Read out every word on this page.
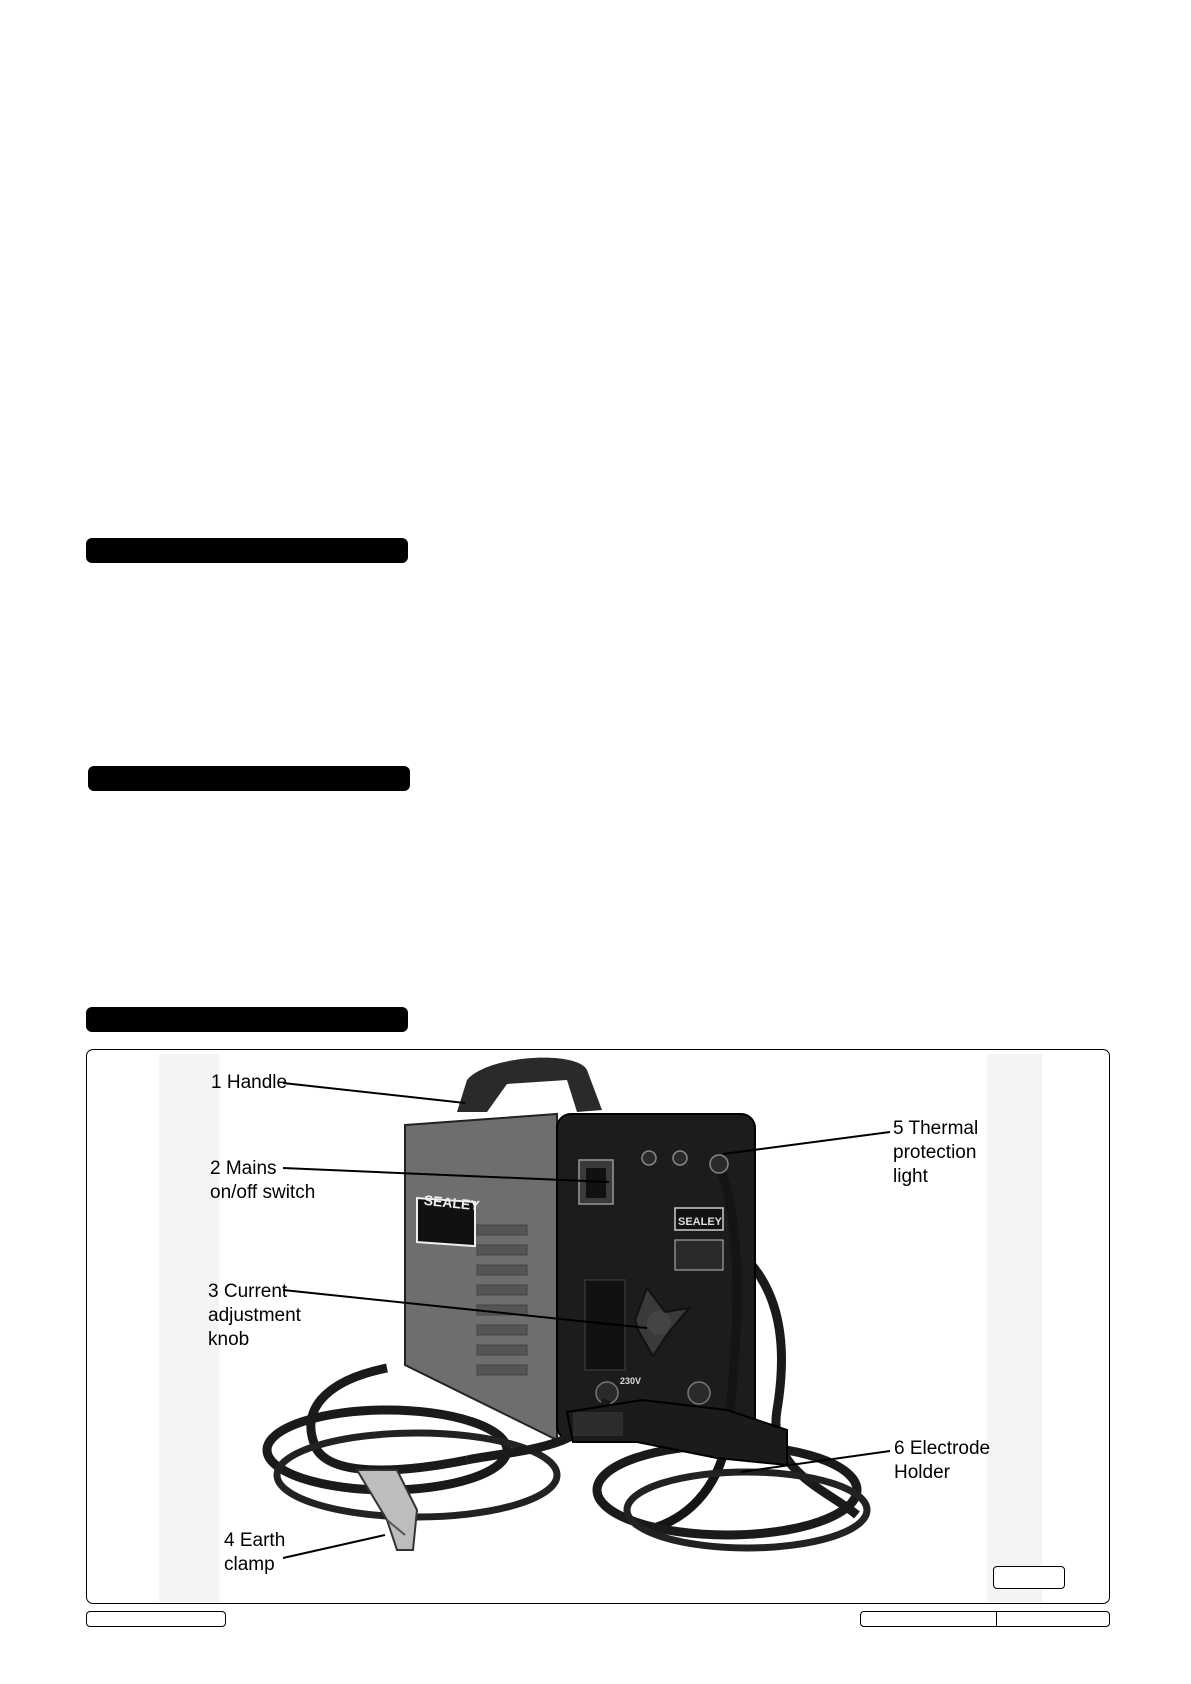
SEALEY
SEALEY
230V
1 Handle
2 Mains
on/off switch
3 Current
adjustment
knob
4 Earth
clamp
5 Thermal
protection
light
6 Electrode
Holder
